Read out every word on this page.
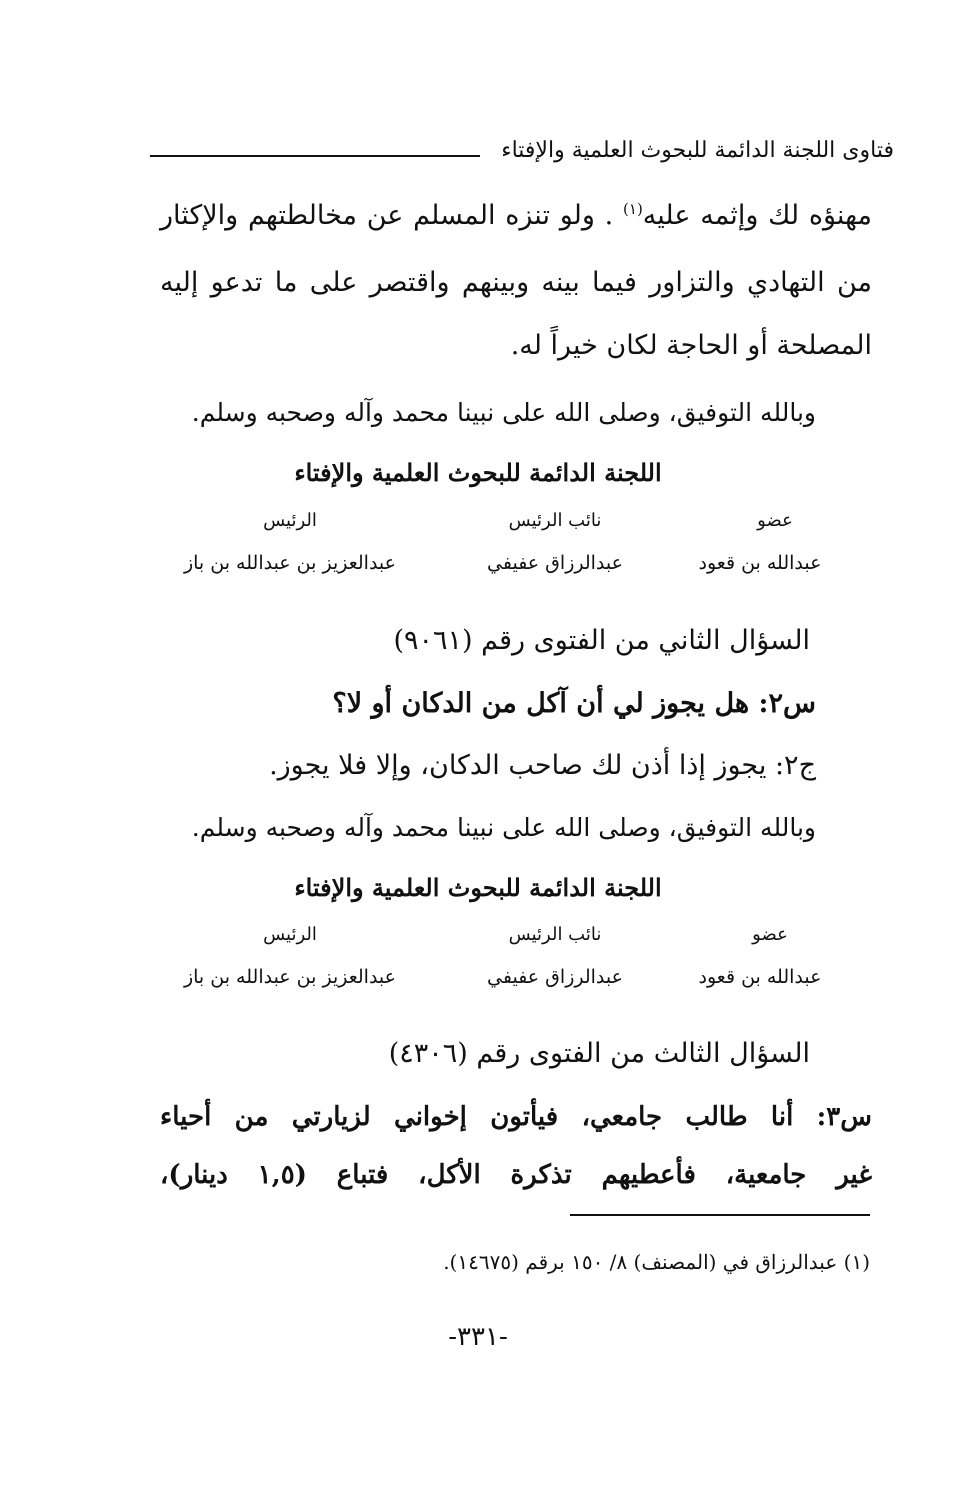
فتاوى اللجنة الدائمة للبحوث العلمية والإفتاء
مهنؤه لك وإثمه عليه$^{(١)}$ . ولو تنزه المسلم عن مخالطتهم والإكثار
من التهادي والتزاور فيما بينه وبينهم واقتصر على ما تدعو إليه
المصلحة أو الحاجة لكان خيراً له.
وبالله التوفيق، وصلى الله على نبينا محمد وآله وصحبه وسلم.
اللجنة الدائمة للبحوث العلمية والإفتاء
عضو
نائب الرئيس
الرئيس
عبدالله بن قعود
عبدالرزاق عفيفي
عبدالعزيز بن عبدالله بن باز
السؤال الثاني من الفتوى رقم (٩٠٦١)
س٢: هل يجوز لي أن آكل من الدكان أو لا؟
ج٢: يجوز إذا أذن لك صاحب الدكان، وإلا فلا يجوز.
وبالله التوفيق، وصلى الله على نبينا محمد وآله وصحبه وسلم.
اللجنة الدائمة للبحوث العلمية والإفتاء
عضو
نائب الرئيس
الرئيس
عبدالله بن قعود
عبدالرزاق عفيفي
عبدالعزيز بن عبدالله بن باز
السؤال الثالث من الفتوى رقم (٤٣٠٦)
س٣: أنا طالب جامعي، فيأتون إخواني لزيارتي من أحياء
غير جامعية، فأعطيهم تذكرة الأكل، فتباع (١,٥ دينار)،
(١) عبدالرزاق في (المصنف) ٨/ ١٥٠ برقم (١٤٦٧٥).
-٣٣١-
